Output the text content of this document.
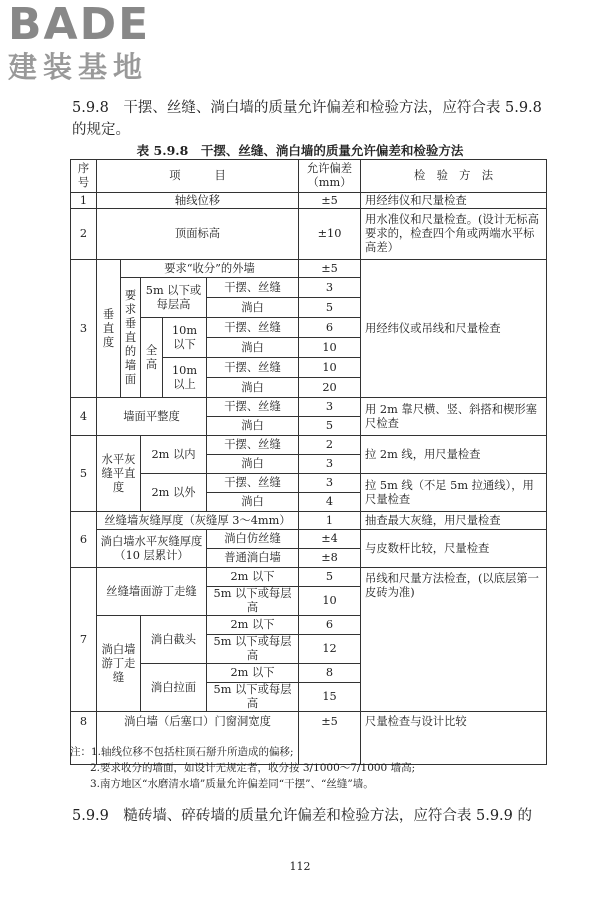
BADE
建装基地
5.9.8　干摆、丝缝、淌白墙的质量允许偏差和检验方法，应符合表 5.9.8 的规定。
表 5.9.8　干摆、丝缝、淌白墙的质量允许偏差和检验方法
序号	项　　　目					允许偏差（mm）	检　验　方　法
1	轴线位移					±5	用经纬仪和尺量检查
2	顶面标高					±10	用水准仪和尺量检查。(设计无标高要求的，检查四个角或两端水平标高差）
3	垂直度	要求“收分”的外墙				±5	用经纬仪或吊线和尺量检查
		要求垂直的墙面	5m 以下或每层高		干摆、丝缝	3	
					淌白	5	
			全高	10m 以下	干摆、丝缝	6	
					淌白	10	
				10m 以上	干摆、丝缝	10	
					淌白	20	
4	墙面平整度				干摆、丝缝	3	用 2m 靠尺横、竖、斜搭和楔形塞尺检查
					淌白	5	
5	水平灰缝平直度		2m 以内		干摆、丝缝	2	拉 2m 线，用尺量检查
					淌白	3	
			2m 以外		干摆、丝缝	3	拉 5m 线（不足 5m 拉通线），用尺量检查
					淌白	4	
6	丝缝墙灰缝厚度（灰缝厚 3～4mm）					1	抽查最大灰缝，用尺量检查
	淌白墙水平灰缝厚度（10 层累计）				淌白仿丝缝	±4	与皮数杆比较，尺量检查
					普通淌白墙	±8	
7	丝缝墙面游丁走缝				2m 以下	5	吊线和尺量方法检查，(以底层第一皮砖为准)
					5m 以下或每层高	10	
	淌白墙游丁走缝		淌白截头		2m 以下	6	
					5m 以下或每层高	12	
			淌白拉面		2m 以下	8	
					5m 以下或每层高	15	
8	淌白墙（后塞口）门窗洞宽度					±5	尺量检查与设计比较
注：1.轴线位移不包括柱顶石掰升所造成的偏移;
2.要求收分的墙面，如设计无规定者，收分按 3/1000～7/1000 墙高;
3.南方地区“水磨清水墙”质量允许偏差同“干摆”、“丝缝”墙。
5.9.9　糙砖墙、碎砖墙的质量允许偏差和检验方法，应符合表 5.9.9 的
112
